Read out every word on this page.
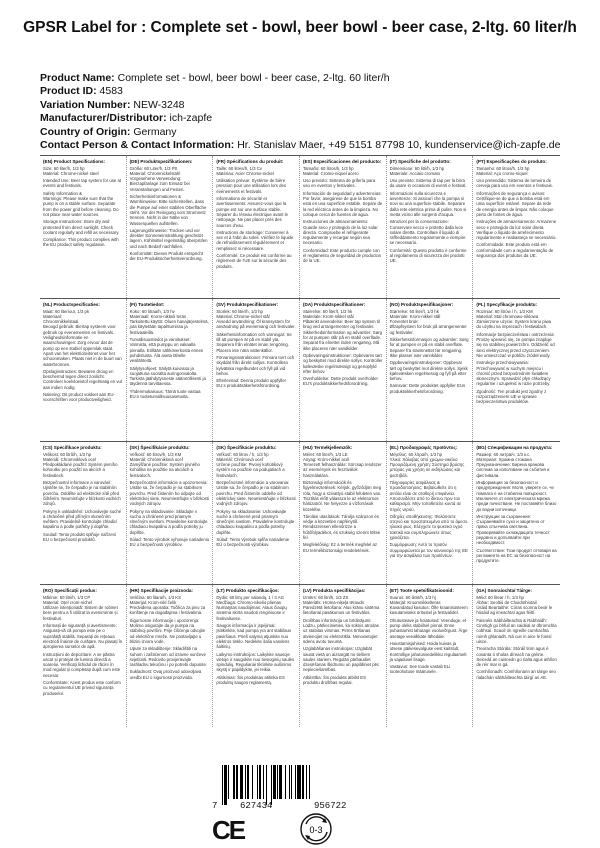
GPSR Label for : Complete set - bowl, beer bowl - beer case, 2-ltg. 60 liter/h
Product Name: Complete set - bowl, beer bowl - beer case, 2-ltg. 60 liter/h
Product ID: 4583
Variation Number: NEW-3248
Manufacturer/Distributor: ich-zapfe
Country of Origin: Germany
Contact Person & Contact Information: Hr. Stanislav Maer, +49 5151 87798 10, kundenservice@ich-zapfe.de
(EN) Product Specifications:
Size: 60 liter/h, 1/3 hp
Material: Chrome-nickel steel
Intended Use: Beer tap system for use at events and festivals.
Safety Information &
Warnings: Please make sure that the pump is on a stable surface. Separate from the power grid before cleaning. Do not place near water sources.
Storage Instructions: Store dry and protected from direct sunlight. Check coolant regularly and refill as necessary.
Compliance: This product complies with the EU product safety regulation.
(DE) Produktspezifikationen:
Größe: 60 Liter/h, 1/3 PS
Material: Chromnickelstahl
Vorgesehene Verwendung:
Bierzapfanlage zum Einsatz bei Veranstaltungen und Festen.
Sicherheitsinformationen &
Warnhinweise: Bitte sicherstellen, dass die Pumpe auf einer stabilen Oberfläche steht. Vor der Reinigung vom Stromnetz trennen. Nicht in der Nähe von Wasserquellen aufstellen.
Lagerungshinweise: Trocken und vor direkter Sonneneinstrahlung geschützt lagern. Kühlmittel regelmäßig überprüfen und nach Bedarf nachfüllen.
Konformität: Dieses Produkt entspricht der EU-Produktsicherheitsverordnung.
(FR) Spécifications du produit:
Taille: 60 litres/h, 1/3 Cv
Matériau: Acier Chrome-nickel
Utilisation prévue: Système de bière pression pour une utilisation lors des événements et festivals.
Informations de sécurité et avertissements: Assurez-vous que la pompe est sur une surface stable. Séparer du réseau électrique avant le nettoyage. Ne pas placer près des sources d'eau.
Instructions de stockage: Conserver à sec et à l'abri du soleil. Vérifiez le liquide de refroidissement régulièrement et remplissez si nécessaire.
Conformité: Ce produit est conforme au règlement de l'UE sur la sécurité des produits.
(ES) Especificaciones del producto:
Tamaño: 60 litros/h, 1/3 hp
Material: Cromo-níquel acero
Uso previsto: Sistema de grifería para uso en eventos y festivales.
Información de seguridad y advertencias: Por favor, asegúrese de que la bomba está en una superficie estable. Separe de la red eléctrica antes de la limpieza. No coloque cerca de fuentes de agua.
Instrucciones de almacenamiento: Guarde seco y protegido de la luz solar directa. Compruebe el refrigerante regularmente y recargar según sea necesario.
Conformidad: Este producto cumple con el reglamento de seguridad de productos de la UE.
(IT) Specifiche del prodotto:
Dimensione: 60 litri/h, 1/3 hp
Materiale: Acciaio cromato
Uso previsto: Sistema di tap per la birra da usare in occasioni di eventi e festival.
Informazioni sulla sicurezza e avvertenze: Si assicuri che la pompa si trovi su una superficie stabile. Separare dalla rete elettrica prima di pulire. Non si metta vicino alle sorgenti d'acqua.
Istruzioni per la conservazione: Conservare secco e protetto dalla luce solare diretta. Controllare il liquido di raffreddamento regolarmente e riempire se necessario.
Conformità: Questo prodotto è conforme al regolamento di sicurezza dei prodotti UE.
(PT) Especificações do produto:
Tamanho: 60 litros/h, 1/3 hp
Material: Aço cromo-níquel
Uso pretendido: Sistema de torneira de cerveja para uso em eventos e festivais.
Informações de segurança e avisos: Certifique-se de que a bomba está em uma superfície estável. Separe da rede de energia antes de limpar. Não coloque perto de fontes de água.
Instruções de armazenamento: Armazene seco e protegido da luz solar direta. Verifique o líquido de arrefecimento regularmente e reabasteça se necessário.
Conformidade: Este produto está em conformidade com a regulamentação de segurança dos produtos da UE.
(NL) Productspecificaties:
Maat: 60 liter/uur, 1/3 pk
Materiaal:
Chroomnikkelstaal
Beoogd gebruik: Biertap systeem voor gebruik op evenementen en festivals.
Veiligheidsinformatie en waarschuwingen: Zorg ervoor dat de pomp op een stabiel oppervlak staat. Apart van het elektriciteitsnet voor het schoonmaken. Plaats niet in de buurt van waterbronnen.
Opslaginstructies: Bewaren droog en beschermd tegen direct zonlicht. Controleer koelvloeistof regelmatig en vul aan indien nodig.
Naleving: Dit product voldoet aan EU-voorschriften voor productveiligheid.
(FI) Tuotetiedot:
Koko: 60 litraa/h, 1/3 hv
Materiaali: Kromi-nikkeli teräs
Tarkoitettu käyttö: Oluen hanajärjestelmä, jota käytetään tapahtumissa ja festivaaleilla.
Turvallisuustiedot ja varoitukset: Varmista, että pumppu on vakaalla pinnalla. Erillään sähköverkosta ennen puhdistusta. Älä aseta lähelle vesilähteitä.
Säilytysohjeet: Säilytä kuivassa ja suojattuna suoralta auringonvalolta. Tarkista jäähdytysneste säännöllisesti ja täydennä tarvittaessa.
Yhdenmukaisuus: Tämä tuote vastaa EU:n tuoteturvallisuusasetusta.
(SV) Produktspecifikationer:
Storlek: 60 liter/h, 1/3 hp
Material: Chrome-nickel stål
Avsedd användning: Öl kransystem för användning på evenemang och festivaler.
Säkerhetsinformation och varningar: Se till att pumpen är på en stabil yta. Separera från elnätet innan rengöring. Placera inte nära vattenkällor.
Förvaringsinstruktioner: Förvara torrt och skyddat från direkt solljus. Kontrollera kylvätska regelbundet och fyll på vid behov.
Efterlevnad: Denna produkt uppfyller EU:s produktsäkerhetsförordning.
(DA) Produktspecifikationer:
Størrelse: 60 liter/t, 1/3 hk
Materiale: Krom-nikkel stål
Påtænkt anvendelse: Beer tap system til brug ved arrangementer og festivaler.
Sikkerhedsinformation og advarsler: Sørg for at pumpen står på en stabil overflade. Separat fra elnettet inden rengøring. Må ikke placeres nær vandkilder.
Opbevaringsinstruktioner: Opbevares tørt og beskyttet mod direkte sollys. Kontroller kølevæske regelmæssigt og genopfyld efter behov.
Overholdelse: Dette produkt overholder EU's produktsikkerhedsforordning.
(NO) Produktspesifikasjoner:
Størrelse: 60 liter/t, 1/3 hk
Materiale: Krom-nikkel stål
Forventet bruk:
Ølzapfsystem for bruk på arrangementer og festivaler.
Sikkerhetsinformasjon og advarsler: Sørg for at pumpen er på en stabil overflate. Separer fra strømnettet før rengjøring. Ikke plasser nær vannkilder.
Oppbevaringsinstruksjoner: Oppbevar tørt og beskyttet mot direkte sollys. Sjekk kjølevæsken regelmessig og fyll på etter behov.
Samsvar: Dette produktet oppfyller EUs produktsikkerhetsforordning.
(PL) Specyfikacje produktu:
Rozmiar: 60 litrów / h, 1/3 KM
Materiał: Stal chromowo-niklowa
Zamierzone użycie: System kranu piwa do użytku na imprezach i festiwalach.
Informacje bezpieczeństwa i ostrzeżenia: Proszę upewnić się, że pompa znajduje się na stabilnej powierzchni. Oddzielić od sieci elektrycznej przed czyszczeniem. Nie umieszczać w pobliżu źródeł wody.
Instrukcje przechowywania: Przechowywać w suchym miejscu i chronić przed bezpośrednim światłem słonecznym. Sprawdzić płyn chłodzący regularnie i uzupełnić w razie potrzeby.
Zgodność: Ten produkt jest zgodny z rozporządzeniem UE w sprawie bezpieczeństwa produktów.
(CS) Specifikace produktu:
Velikost: 60 litrů/h, 1/3 hp
Materiál: Chromniklová ocel
Předpokládané použití: Systém pivního kohoutku pro použití na akcích a festivalech.
Bezpečnostní informace a varování: Ujistěte se, že čerpadlo je na stabilním povrchu. Oddělte od elektrické sítě před čištěním. Neumisťujte v blízkosti vodních zdrojů.
Pokyny k uskladnění: Uchovávejte suché a chráněné před přímým slunečním světlem. Pravidelně kontrolujte chladicí kapalinu a podle potřeby ji doplňte.
Soulad: Tento produkt splňuje nařízení EU o bezpečnosti produktů.
(SK) Špecifikácie produktu:
Veľkosť: 60 litrov/h, 1/3 KM
Materiál: Chrómniklová oceľ
Zamýšľané použitie: Systém pivného kohútika na použitie na akciách a festivaloch.
Bezpečnostné informácie a upozornenia: Uistite sa, že čerpadlo je na stabilnom povrchu. Pred čistením ho odpojte od elektrickej siete. Neumiestňujte v blízkosti vodných zdrojov.
Pokyny na skladovanie: Skladujte v suchu a chránené pred priamym slnečným svetlom. Pravidelne kontrolujte chladiacu kvapalinu a podľa potreby ju doplňte.
Súlad: Tento výrobok vyhovuje nariadeniu EÚ o bezpečnosti výrobkov.
(SK) Špecifikácie produktu:
Veľkosť: 60 litrov / h, 1/3 hp
Materiál: Chrómová oceľ
Určené použitie: Pivový kohútikový systém na použitie na podujatiach a festivaloch.
Bezpečnostné informácie a varovania: Uistite sa, že čerpadlo je na stabilnom povrchu. Pred čistením oddeľte od elektrickej siete. Neumiestňujte v blízkosti vodných zdrojov.
Pokyny na skladovanie: Uchovávajte suché a chránené pred priamym slnečným svetlom. Pravidelne kontrolujte chladiacu kvapalinu a podľa potreby doplňte.
Súlad: Tento výrobok spĺňa nariadenie EÚ o bezpečnosti výrobkov.
(HU) Termékjellemzők:
Méret: 60 liter/h, 1/3 LE
Anyag: Króm-nikkel acél
Tervezett felhasználás: Sörcsap rendszer az események és fesztiválok használatára.
Biztonsági információk és figyelmeztetések: Kérjük, győződjön meg róla, hogy a szivattyú stabil felületen van. Tisztítás előtt válassza le az elektromos hálózatról. Ne helyezze a vízforrások közelébe.
Tárolási utasítások: Tárolja szárazon és védje a közvetlen napfénytől. Rendszeresen ellenőrizze a hűtőfolyadékot, és szükség szerint töltse fel.
Megfelelőség: Ez a termék megfelel az EU termékbiztonsági rendeletének.
(EL) Προδιαγραφές προϊόντος:
Μέγεθος: 60 λίτρα/h, 1/3 hp
Υλικό: Χάλυβας από χρώμιο-νικέλιο
Προοριζόμενη χρήση: Σύστημα βρύσης μπύρας για χρήση σε εκδηλώσεις και φεστιβάλ.
Πληροφορίες ασφάλειας & προειδοποιήσεις: Βεβαιωθείτε ότι η αντλία είναι σε σταθερή επιφάνεια. Αποσυνδέστε από το δίκτυο πριν τον καθαρισμό. Μην τοποθετείτε κοντά σε πηγές νερού.
Οδηγίες αποθήκευσης: Φυλάσσετε στεγνό και προστατευμένο από το άμεσο ηλιακό φως. Ελέγχετε το ψυκτικό υγρό τακτικά και συμπληρώνετε όπως χρειάζεται.
Συμμόρφωση: Αυτό το προϊόν συμμορφώνεται με τον κανονισμό της ΕΕ για την ασφάλεια των προϊόντων.
(BG) Спецификации на продукта:
Размер: 60 литра/ч, 1/3 к.с.
Материал: Хромна стомана
Предназначение: Бирена кранова система за използване на събития и фестивали.
Информация за безопасност и предупреждения: Моля, уверете се, че помпата е на стабилна повърхност. Изключете от електрическата мрежа преди почистване. Не поставяйте близо до водни източници.
Инструкции за съхранение: Съхранявайте сухо и защитено от пряка слънчева светлина. Проверявайте охлаждащата течност редовно и допълвайте при необходимост.
Съответствие: Този продукт отговаря на регламента на ЕС за безопасност на продуктите.
(RO) Specificații produs:
Mărime: 60 litri/h, 1/3 CP
Material: Oțel crom-nichel
Utilizare intenționată: Sistem de robinet bere pentru a fi utilizat la evenimente și festivaluri.
Informații de siguranță și avertismente: Asigurați-vă că pompa este pe o suprafață stabilă. Separați de rețeaua electrică înainte de curățare. Nu plasați în apropierea surselor de apă.
Instrucțiuni de depozitare: A se păstra uscat și protejat de lumina directă a soarelui. Verificați lichidul de răcire în mod regulat și completați după cum este necesar.
Conformitate: Acest produs este conform cu regulamentul UE privind siguranța produselor.
(HR) Specifikacije proizvoda:
Veličina: 60 litara/h, 1/3 KS
Materijal: Krom-nikl čelik
Predviđena uporaba: Točilica za pivo za korištenje na događajima i festivalima.
Sigurnosne informacije i upozorenja: Molimo osigurajte da je pumpa na stabilnoj površini. Prije čišćenja odvojite od električne mreže. Ne postavljajte u blizini izvora vode.
Upute za skladištenje: Skladištiti na suhom i zaštićenom od izravne sunčeve svjetlosti. Redovito provjeravajte rashladnu tekućinu i po potrebi dopunite.
Sukladnost: Ovaj proizvod udovoljava uredbi EU o sigurnosti proizvoda.
(LT) Produkto specifikacijos:
Dydis: 60 litrų per valandą, 1 / 3 AG
Medžiaga: Chromo-nikelio plienas
Numatytas naudojimas: Alaus čiaupų sistema skirta naudoti renginiuose ir festivaliuose.
Saugos informacija ir įspėjimai: Įsitikinkite, kad pompa yra ant stabilaus paviršiaus. Prieš valymą atjunkite nuo elektros tinklo. Nedėkite šalia vandens šaltinių.
Laikymo instrukcijos: Laikykite sausoje vietoje ir saugokite nuo tiesioginių saulės spindulių. Reguliariai tikrinkite aušinimo skystį ir papildykite, jei reikia.
Atitikimas: Šis produktas atitinka ES produktų saugos reglamentą.
(LV) Produkta specifikācijas:
Izmērs: 60 litri/h, 1/3 ZS
Materiāls: Hroma-niķeļa tērauds
Paredzētā lietošana: Alus krānu sistēma lietošanai pasākumos un festivālos.
Drošības informācija un brīdinājumi: Lūdzu, pārliecinieties, ka sūknis atrodas uz stabilas virsmas. Pirms tīrīšanas atvienojiet no elektrotīkla. Nenovietojiet ūdens avotu tuvumā.
Uzglabāšanas instrukcijas: Uzglabāt sausā vietā un aizsargāt no tiešiem saules stariem. Regulāri pārbaudiet dzesēšanas šķidrumu un papildiniet pēc nepieciešamības.
Atbilstība: Šis produkts atbilst ES produktu drošības regulai.
(ET) Toote spetsifikatsioonid:
Suurus: 60 liitrit/h, 1/3 hj
Materjal: Kroomnikkelteras
Kavandatud kasutus: Õlle kraanisüsteem kasutamiseks üritustel ja festivalidel.
Ohutusteave ja hoiatused: Veenduge, et pump oleks stabiilsel pinnal. Enne puhastamist lahutage vooluvõrgust. Ärge asetage veeallikate lähedale.
Hoiustamisjuhised: Hoida kuivas ja otsese päikesevalguse eest kaitstult. Kontrollige jahutusvedelikku regulaarselt ja vajadusel lisage.
Vastavus: See toode vastab ELi tooteohutuse määrusele.
(GA) Sonraíochtaí Táirge:
Méid: 60 lítear / h, 1/3 hp
Ábhar: Seoltiú de Chuidmhiotail
Úsáid Beartaithe: Córas sconna beoir le húsáid ag imeachtaí agus féiltí.
Faisnéis Sábháilteachta & Rabhaidh: Cinntigh go bhfuil an caidéal ar dhromchla cobhsaí. Scaoil ón ngreille cumhachta roimh ghlanadh. Ná cuir in aice le foinsí uisce.
Treoracha Stórála: Stóráil tirim agus é cosanta ó sholas díreach na gréine. Seiceáil an cuisneán go rialta agus athlíon de réir mar is gá.
Comhlíonadh: Comhlíonann an táirge seo rialachán sábháilteachta táirgí an AE.
7	627434	956722
CE	0-3
